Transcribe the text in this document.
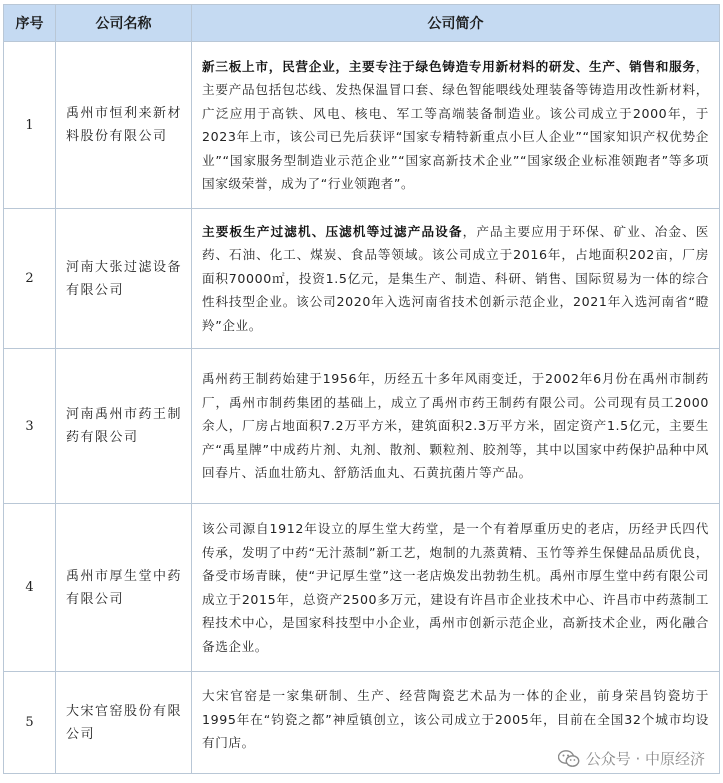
序号	公司名称	公司简介
1	禹州市恒利来新材料股份有限公司	新三板上市，民营企业，主要专注于绿色铸造专用新材料的研发、生产、销售和服务，主要产品包括包芯线、发热保温冒口套、绿色智能喂线处理装备等铸造用改性新材料，广泛应用于高铁、风电、核电、军工等高端装备制造业。该公司成立于2000年，于2023年上市，该公司已先后获评“国家专精特新重点小巨人企业”“国家知识产权优势企业”“国家服务型制造业示范企业”“国家高新技术企业”“国家级企业标准领跑者”等多项国家级荣誉，成为了“行业领跑者”。
2	河南大张过滤设备有限公司	主要板生产过滤机、压滤机等过滤产品设备，产品主要应用于环保、矿业、冶金、医药、石油、化工、煤炭、食品等领域。该公司成立于2016年，占地面积202亩，厂房面积70000㎡，投资1.5亿元，是集生产、制造、科研、销售、国际贸易为一体的综合性科技型企业。该公司2020年入选河南省技术创新示范企业，2021年入选河南省“瞪羚”企业。
3	河南禹州市药王制药有限公司	禹州药王制药始建于1956年，历经五十多年风雨变迁，于2002年6月份在禹州市制药厂，禹州市制药集团的基础上，成立了禹州市药王制药有限公司。公司现有员工2000余人，厂房占地面积7.2万平方米，建筑面积2.3万平方米，固定资产1.5亿元，主要生产“禹星牌”中成药片剂、丸剂、散剂、颗粒剂、胶剂等，其中以国家中药保护品种中风回春片、活血壮筋丸、舒筋活血丸、石黄抗菌片等产品。
4	禹州市厚生堂中药有限公司	该公司源自1912年设立的厚生堂大药堂，是一个有着厚重历史的老店，历经尹氏四代传承，发明了中药“无汁蒸制”新工艺，炮制的九蒸黄精、玉竹等养生保健品品质优良，备受市场青睐，使“尹记厚生堂”这一老店焕发出勃勃生机。禹州市厚生堂中药有限公司成立于2015年，总资产2500多万元，建设有许昌市企业技术中心、许昌市中药蒸制工程技术中心，是国家科技型中小企业，禹州市创新示范企业，高新技术企业，两化融合备选企业。
5	大宋官窑股份有限公司	大宋官窑是一家集研制、生产、经营陶瓷艺术品为一体的企业，前身荣昌钧瓷坊于1995年在“钧瓷之都”神垕镇创立，该公司成立于2005年，目前在全国32个城市均设有门店。
公众号 · 中原经济
